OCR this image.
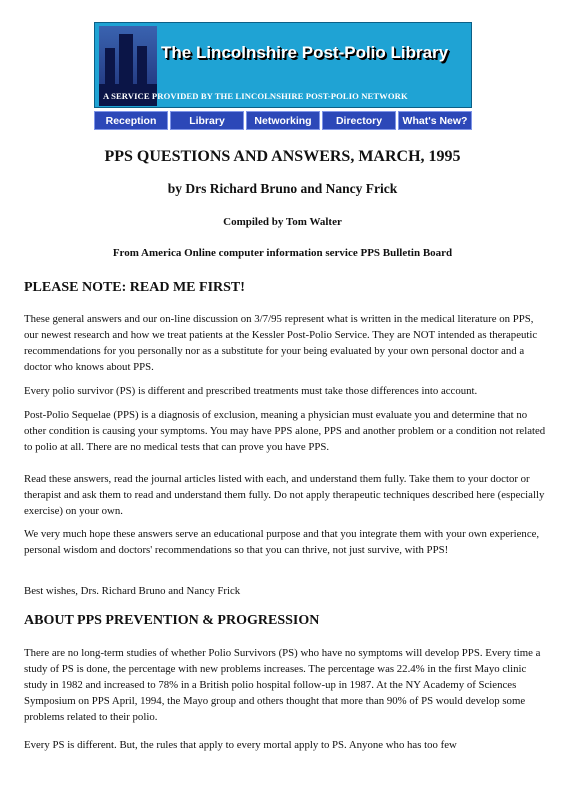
The Lincolnshire Post-Polio Library
A SERVICE PROVIDED BY THE LINCOLNSHIRE POST-POLIO NETWORK
Reception	Library	Networking	Directory	What's New?
PPS QUESTIONS AND ANSWERS, MARCH, 1995

by Drs Richard Bruno and Nancy Frick

Compiled by Tom Walter

From America Online computer information service PPS Bulletin Board

PLEASE NOTE: READ ME FIRST!

These general answers and our on-line discussion on 3/7/95 represent what is written in the medical literature on PPS, our newest research and how we treat patients at the Kessler Post-Polio Service. They are NOT intended as therapeutic recommendations for you personally nor as a substitute for your being evaluated by your own personal doctor and a doctor who knows about PPS.

Every polio survivor (PS) is different and prescribed treatments must take those differences into account.

Post-Polio Sequelae (PPS) is a diagnosis of exclusion, meaning a physician must evaluate you and determine that no other condition is causing your symptoms. You may have PPS alone, PPS and another problem or a condition not related to polio at all. There are no medical tests that can prove you have PPS.

Read these answers, read the journal articles listed with each, and understand them fully. Take them to your doctor or therapist and ask them to read and understand them fully. Do not apply therapeutic techniques described here (especially exercise) on your own.

We very much hope these answers serve an educational purpose and that you integrate them with your own experience, personal wisdom and doctors' recommendations so that you can thrive, not just survive, with PPS!

Best wishes, Drs. Richard Bruno and Nancy Frick

ABOUT PPS PREVENTION & PROGRESSION

There are no long-term studies of whether Polio Survivors (PS) who have no symptoms will develop PPS. Every time a study of PS is done, the percentage with new problems increases. The percentage was 22.4% in the first Mayo clinic study in 1982 and increased to 78% in a British polio hospital follow-up in 1987. At the NY Academy of Sciences Symposium on PPS April, 1994, the Mayo group and others thought that more than 90% of PS would develop some problems related to their polio.

Every PS is different. But, the rules that apply to every mortal apply to PS. Anyone who has too few
